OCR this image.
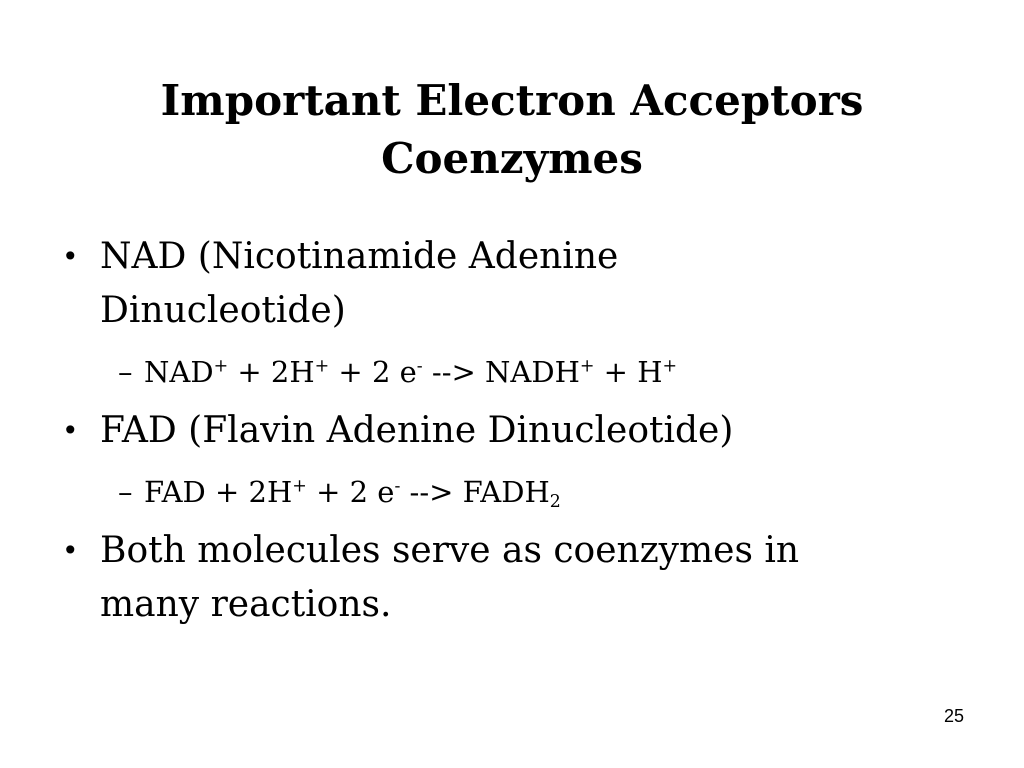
Important Electron Acceptors
Coenzymes
• NAD (Nicotinamide Adenine
Dinucleotide)
– NAD+ + 2H+ + 2 e- --> NADH+ + H+
• FAD (Flavin Adenine Dinucleotide)
– FAD + 2H+ + 2 e- --> $FADH_2$
• Both molecules serve as coenzymes in
many reactions.
25
